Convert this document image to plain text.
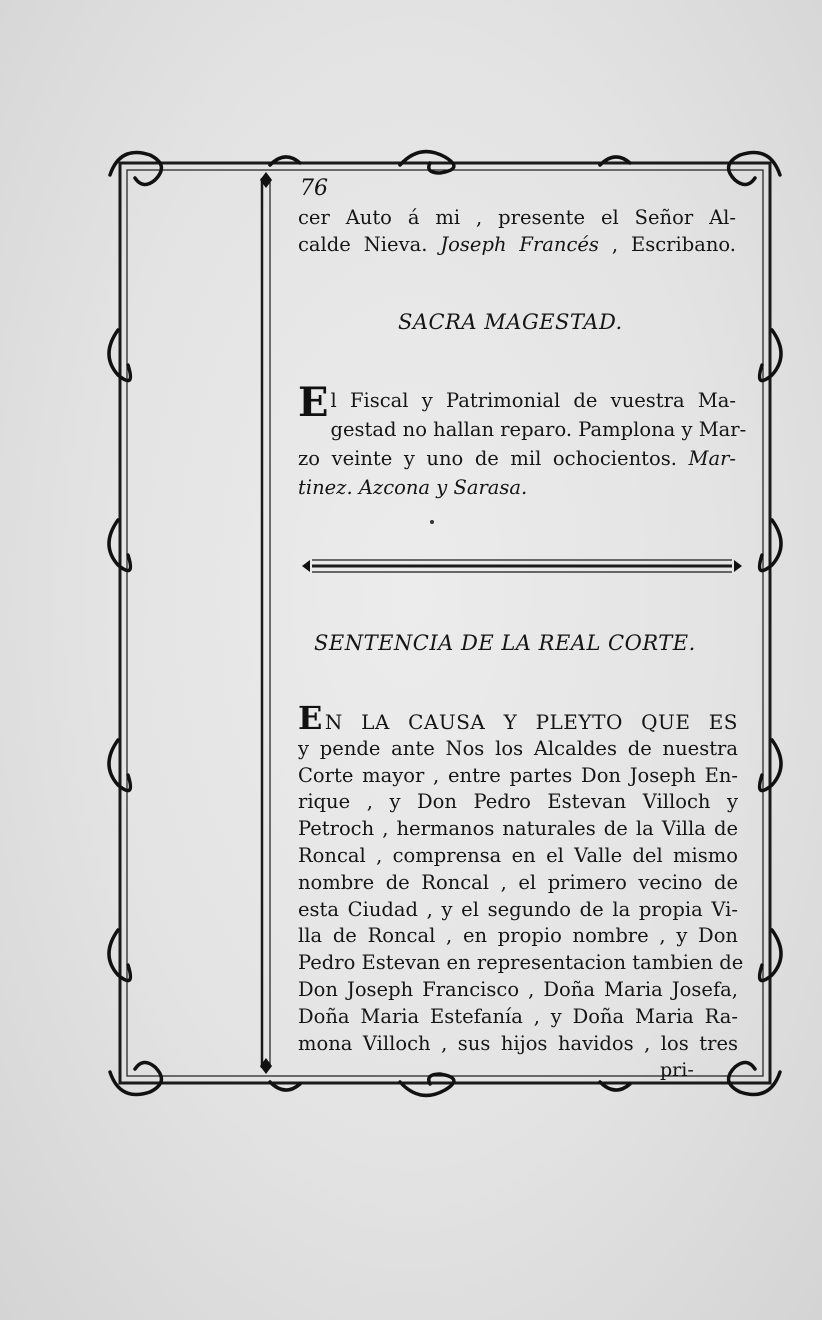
76
cer Auto á mi , presente el Señor Al-
calde Nieva. Joseph Francés , Escribano.
SACRA MAGESTAD.
E l Fiscal y Patrimonial de vuestra Ma-
gestad no hallan reparo. Pamplona y Mar-
zo veinte y uno de mil ochocientos. Mar-
tinez. Azcona y Sarasa.
SENTENCIA DE LA REAL CORTE.
E N LA CAUSA Y PLEYTO QUE ES
y pende ante Nos los Alcaldes de nuestra
Corte mayor , entre partes Don Joseph En-
rique , y Don Pedro Estevan Villoch y
Petroch , hermanos naturales de la Villa de
Roncal , comprensa en el Valle del mismo
nombre de Roncal , el primero vecino de
esta Ciudad , y el segundo de la propia Vi-
lla de Roncal , en propio nombre , y Don
Pedro Estevan en representacion tambien de
Don Joseph Francisco , Doña Maria Josefa,
Doña Maria Estefanía , y Doña Maria Ra-
mona Villoch , sus hijos havidos , los tres
pri-
